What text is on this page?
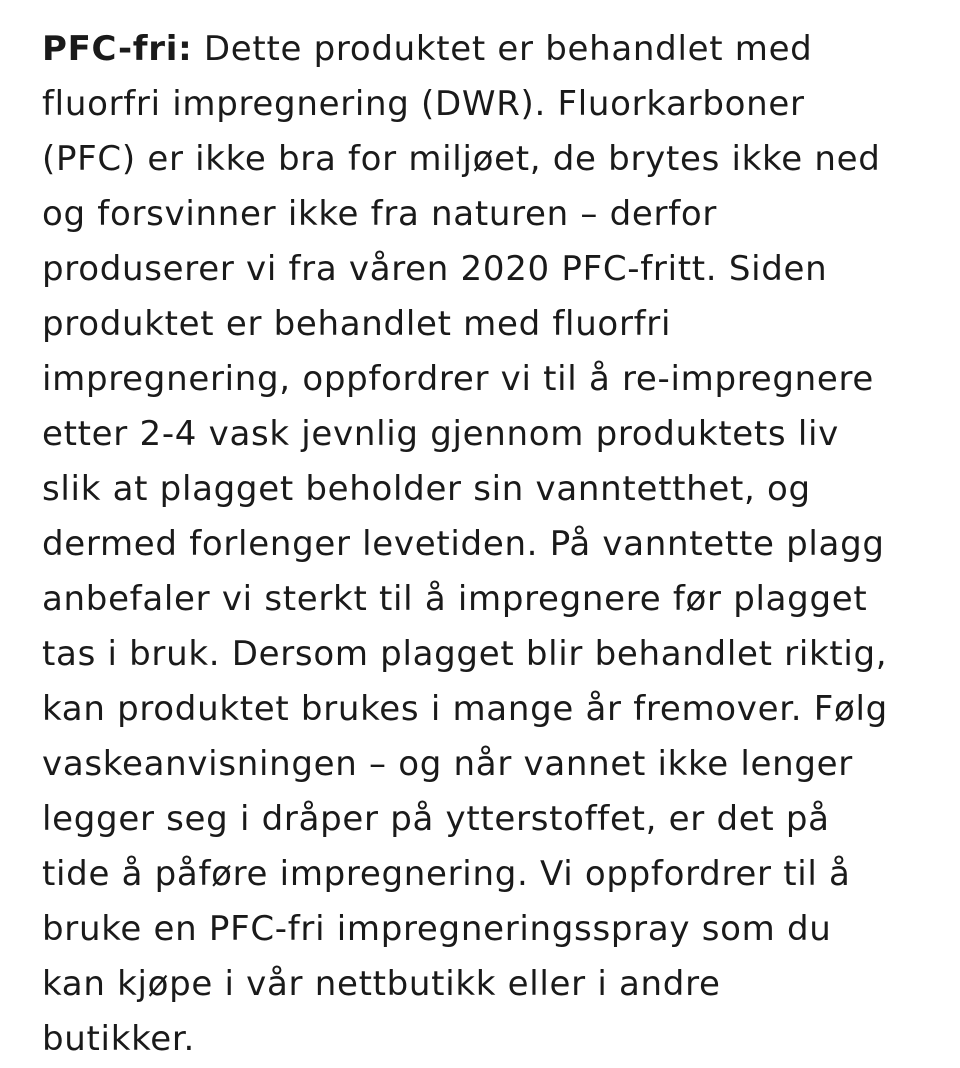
PFC-fri: Dette produktet er behandlet med
fluorfri impregnering (DWR). Fluorkarboner
(PFC) er ikke bra for miljøet, de brytes ikke ned
og forsvinner ikke fra naturen – derfor
produserer vi fra våren 2020 PFC-fritt. Siden
produktet er behandlet med fluorfri
impregnering, oppfordrer vi til å re-impregnere
etter 2-4 vask jevnlig gjennom produktets liv
slik at plagget beholder sin vanntetthet, og
dermed forlenger levetiden. På vanntette plagg
anbefaler vi sterkt til å impregnere før plagget
tas i bruk. Dersom plagget blir behandlet riktig,
kan produktet brukes i mange år fremover. Følg
vaskeanvisningen – og når vannet ikke lenger
legger seg i dråper på ytterstoffet, er det på
tide å påføre impregnering. Vi oppfordrer til å
bruke en PFC-fri impregneringsspray som du
kan kjøpe i vår nettbutikk eller i andre
butikker.
